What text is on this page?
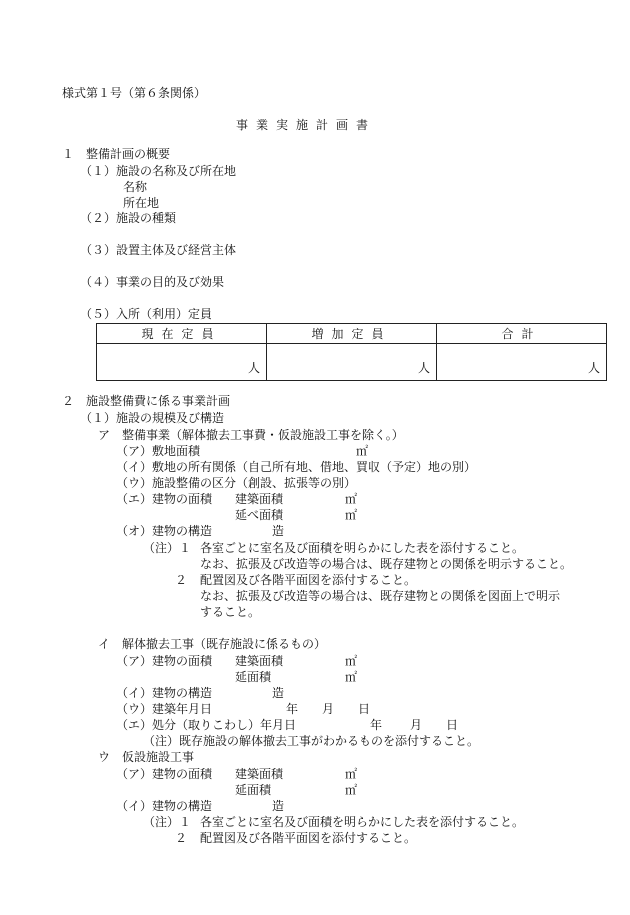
様式第１号（第６条関係）
事業実施計画書
１　整備計画の概要
（１）施設の名称及び所在地
名称
所在地
（２）施設の種類
（３）設置主体及び経営主体
（４）事業の目的及び効果
（５）入所（利用）定員
現在定員	増加定員	合計
人	人	人
２　施設整備費に係る事業計画
（１）施設の規模及び構造
ア　整備事業（解体撤去工事費・仮設施設工事を除く。）
（ア）敷地面積	㎡
（イ）敷地の所有関係（自己所有地、借地、買収（予定）地の別）
（ウ）施設整備の区分（創設、拡張等の別）
（エ）建物の面積 建築面積	㎡
延べ面積	㎡
（オ）建物の構造	造
（注）１ 各室ごとに室名及び面積を明らかにした表を添付すること。
なお、拡張及び改造等の場合は、既存建物との関係を明示すること。
２ 配置図及び各階平面図を添付すること。
なお、拡張及び改造等の場合は、既存建物との関係を図面上で明示
すること。
イ　解体撤去工事（既存施設に係るもの）
（ア）建物の面積 建築面積	㎡
延面積	㎡
（イ）建物の構造	造
（ウ）建築年月日	年 月 日
（エ）処分（取りこわし）年月日	年 月 日
（注）既存施設の解体撤去工事がわかるものを添付すること。
ウ　仮設施設工事
（ア）建物の面積 建築面積	㎡
延面積	㎡
（イ）建物の構造	造
（注）１ 各室ごとに室名及び面積を明らかにした表を添付すること。
２ 配置図及び各階平面図を添付すること。
